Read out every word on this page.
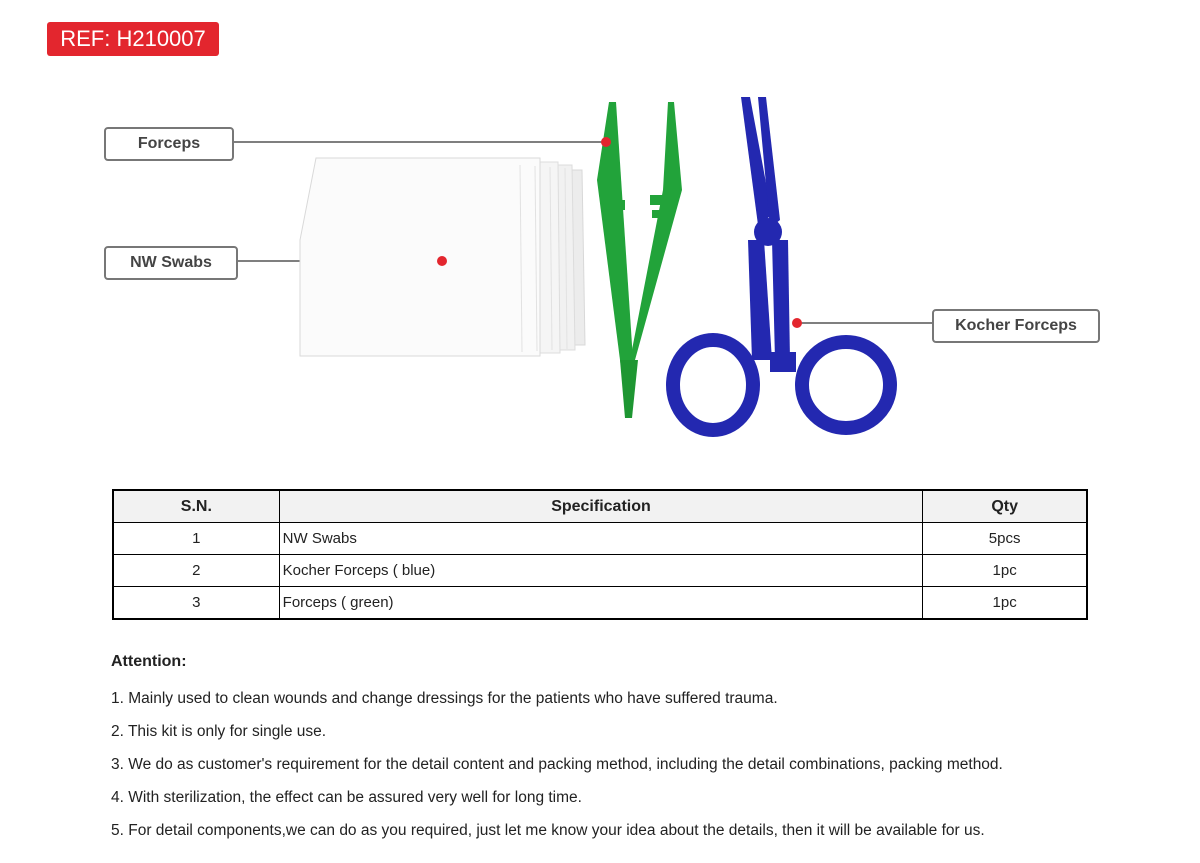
REF: H210007
Forceps
NW Swabs
Kocher Forceps
S.N.	Specification	Qty
1	NW Swabs	5pcs
2	Kocher Forceps ( blue)	1pc
3	Forceps ( green)	1pc
Attention:
1. Mainly used to clean wounds and change dressings for the patients who have suffered trauma.
2. This kit is only for single use.
3. We do as customer's requirement for the detail content and packing method, including the detail combinations, packing method.
4. With sterilization, the effect can be assured very well for long time.
5. For detail components,we can do as you required, just let me know your idea about the details, then it will be available for us.
